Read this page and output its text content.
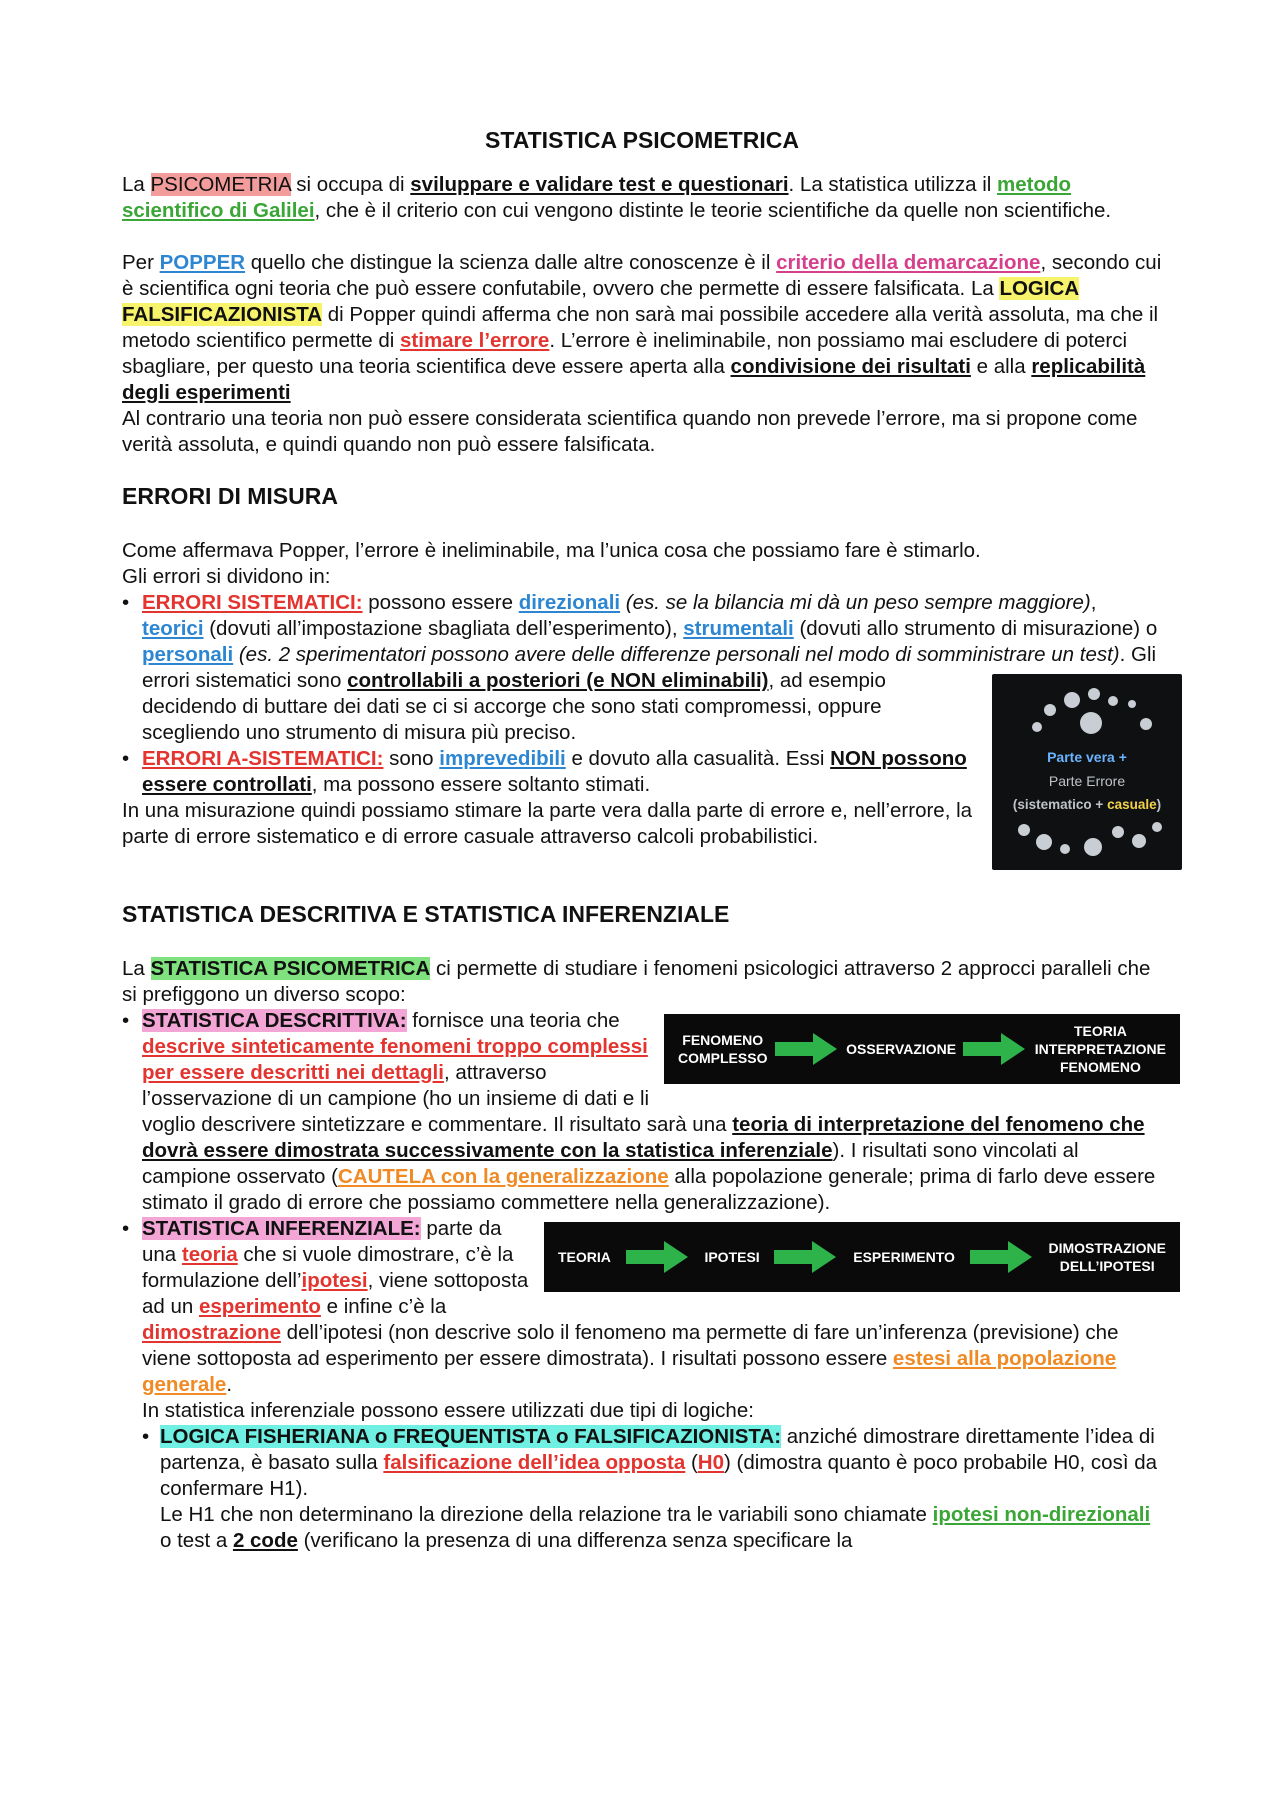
STATISTICA PSICOMETRICA

La PSICOMETRIA si occupa di sviluppare e validare test e questionari. La statistica utilizza il metodo scientifico di Galilei, che è il criterio con cui vengono distinte le teorie scientifiche da quelle non scientifiche.

Per POPPER quello che distingue la scienza dalle altre conoscenze è il criterio della demarcazione, secondo cui è scientifica ogni teoria che può essere confutabile, ovvero che permette di essere falsificata. La LOGICA FALSIFICAZIONISTA di Popper quindi afferma che non sarà mai possibile accedere alla verità assoluta, ma che il metodo scientifico permette di stimare l’errore. L’errore è ineliminabile, non possiamo mai escludere di poterci sbagliare, per questo una teoria scientifica deve essere aperta alla condivisione dei risultati e alla replicabilità degli esperimenti

Al contrario una teoria non può essere considerata scientifica quando non prevede l’errore, ma si propone come verità assoluta, e quindi quando non può essere falsificata.

ERRORI DI MISURA

Come affermava Popper, l’errore è ineliminabile, ma l’unica cosa che possiamo fare è stimarlo.

Gli errori si dividono in:

• ERRORI SISTEMATICI: possono essere direzionali (es. se la bilancia mi dà un peso sempre maggiore), teorici (dovuti all’impostazione sbagliata dell’esperimento), strumentali (dovuti allo strumento di misurazione) o personali (es. 2 sperimentatori possono avere delle differenze personali nel modo di somministrare un test). Gli errori sistematici sono controllabili a posteriori (e NON eliminabili)
Parte vera +
Parte Errore
(sistematico + casuale)
, ad esempio decidendo di buttare dei dati se ci si accorge che sono stati compromessi, oppure scegliendo uno strumento di misura più preciso.
• ERRORI A-SISTEMATICI: sono imprevedibili e dovuto alla casualità. Essi NON possono essere controllati, ma possono essere soltanto stimati.

In una misurazione quindi possiamo stimare la parte vera dalla parte di errore e, nell’errore, la parte di errore sistematico e di errore casuale attraverso calcoli probabilistici.

STATISTICA DESCRITIVA E STATISTICA INFERENZIALE

La STATISTICA PSICOMETRICA ci permette di studiare i fenomeni psicologici attraverso 2 approcci paralleli che si prefiggono un diverso scopo:

• FENOMENO
COMPLESSO
OSSERVAZIONE
TEORIA
INTERPRETAZIONE
FENOMENO
STATISTICA DESCRITTIVA: fornisce una teoria che descrive sinteticamente fenomeni troppo complessi per essere descritti nei dettagli, attraverso l’osservazione di un campione (ho un insieme di dati e li voglio descrivere sintetizzare e commentare. Il risultato sarà una teoria di interpretazione del fenomeno che dovrà essere dimostrata successivamente con la statistica inferenziale). I risultati sono vincolati al campione osservato (CAUTELA con la generalizzazione alla popolazione generale; prima di farlo deve essere stimato il grado di errore che possiamo commettere nella generalizzazione).
• TEORIA	IPOTESI	ESPERIMENTO
DIMOSTRAZIONE
DELL’IPOTESI
STATISTICA INFERENZIALE: parte da una teoria che si vuole dimostrare, c’è la formulazione dell’ipotesi, viene sottoposta ad un esperimento e infine c’è la dimostrazione dell’ipotesi (non descrive solo il fenomeno ma permette di fare un’inferenza (previsione) che viene sottoposta ad esperimento per essere dimostrata). I risultati possono essere estesi alla popolazione generale.
In statistica inferenziale possono essere utilizzati due tipi di logiche:
• LOGICA FISHERIANA o FREQUENTISTA o FALSIFICAZIONISTA: anziché dimostrare direttamente l’idea di partenza, è basato sulla falsificazione dell’idea opposta (H0) (dimostra quanto è poco probabile H0, così da confermare H1).
Le H1 che non determinano la direzione della relazione tra le variabili sono chiamate ipotesi non-direzionali o test a 2 code (verificano la presenza di una differenza senza specificare la
